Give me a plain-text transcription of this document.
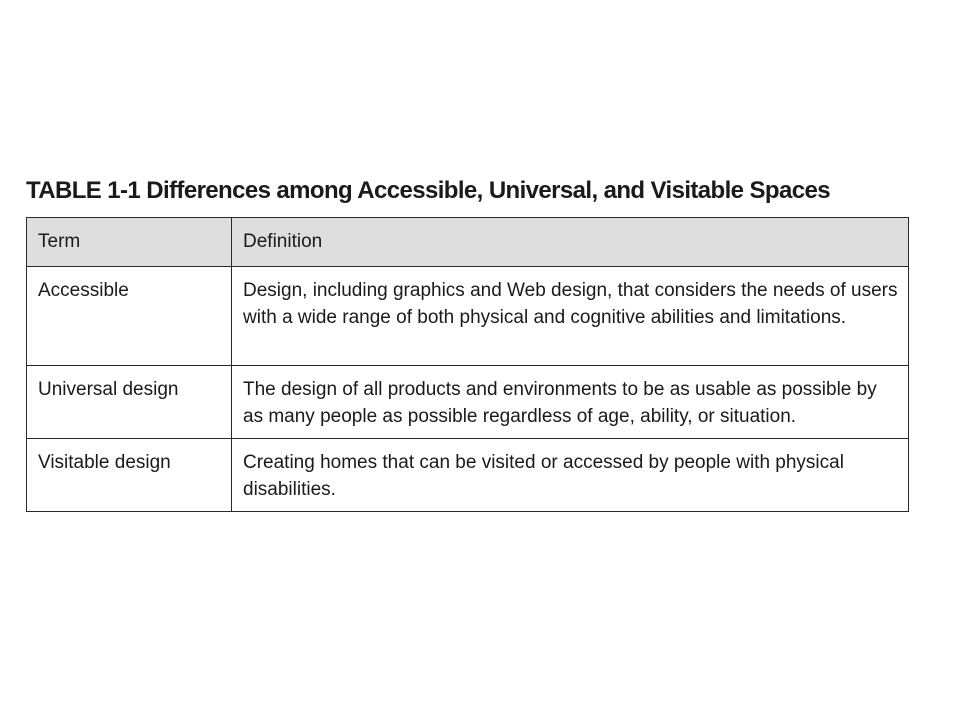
TABLE 1-1 Differences among Accessible, Universal, and Visitable Spaces
Term	Definition
Accessible	Design, including graphics and Web design, that considers the needs of users with a wide range of both physical and cognitive abilities and limitations.
Universal design	The design of all products and environments to be as usable as possible by as many people as possible regardless of age, ability, or situation.
Visitable design	Creating homes that can be visited or accessed by people with physical disabilities.
